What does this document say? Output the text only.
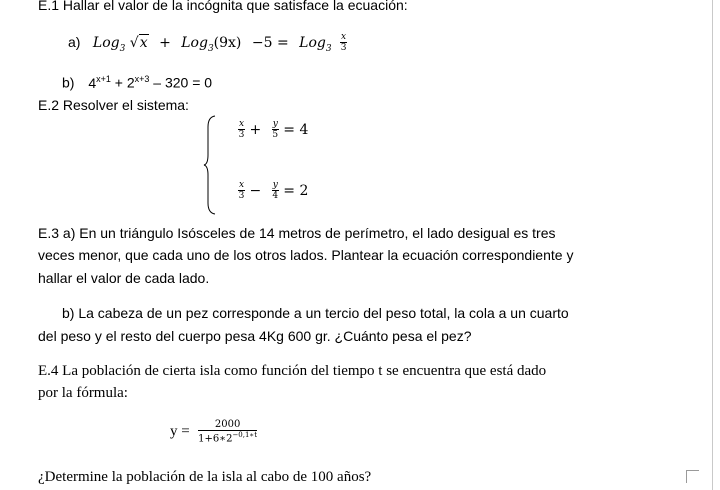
E.1 Hallar el valor de la incógnita que satisface la ecuación:
a) Log$_3$ $√x + Log_3(9x) -5 = Log_3 \frac{x}{3}$
b) $4^{x+1} + 2^{x+3} - 320 = 0$
E.2 Resolver el sistema:
$\frac{x}{3} + \frac{y}{5} = 4$
$\frac{x}{3} - \frac{y}{4} = 2$
E.3 a) En un triángulo Isósceles de 14 metros de perímetro, el lado desigual es tres
veces menor, que cada uno de los otros lados. Plantear la ecuación correspondiente y
hallar el valor de cada lado.
b) La cabeza de un pez corresponde a un tercio del peso total, la cola a un cuarto
del peso y el resto del cuerpo pesa 4Kg 600 gr. ¿Cuánto pesa el pez?
E.4 La población de cierta isla como función del tiempo t se encuentra que está dado
por la fórmula:
$y = \frac{2000}{1+6∗2^{-0,1∗t}}$
¿Determine la población de la isla al cabo de 100 años?
